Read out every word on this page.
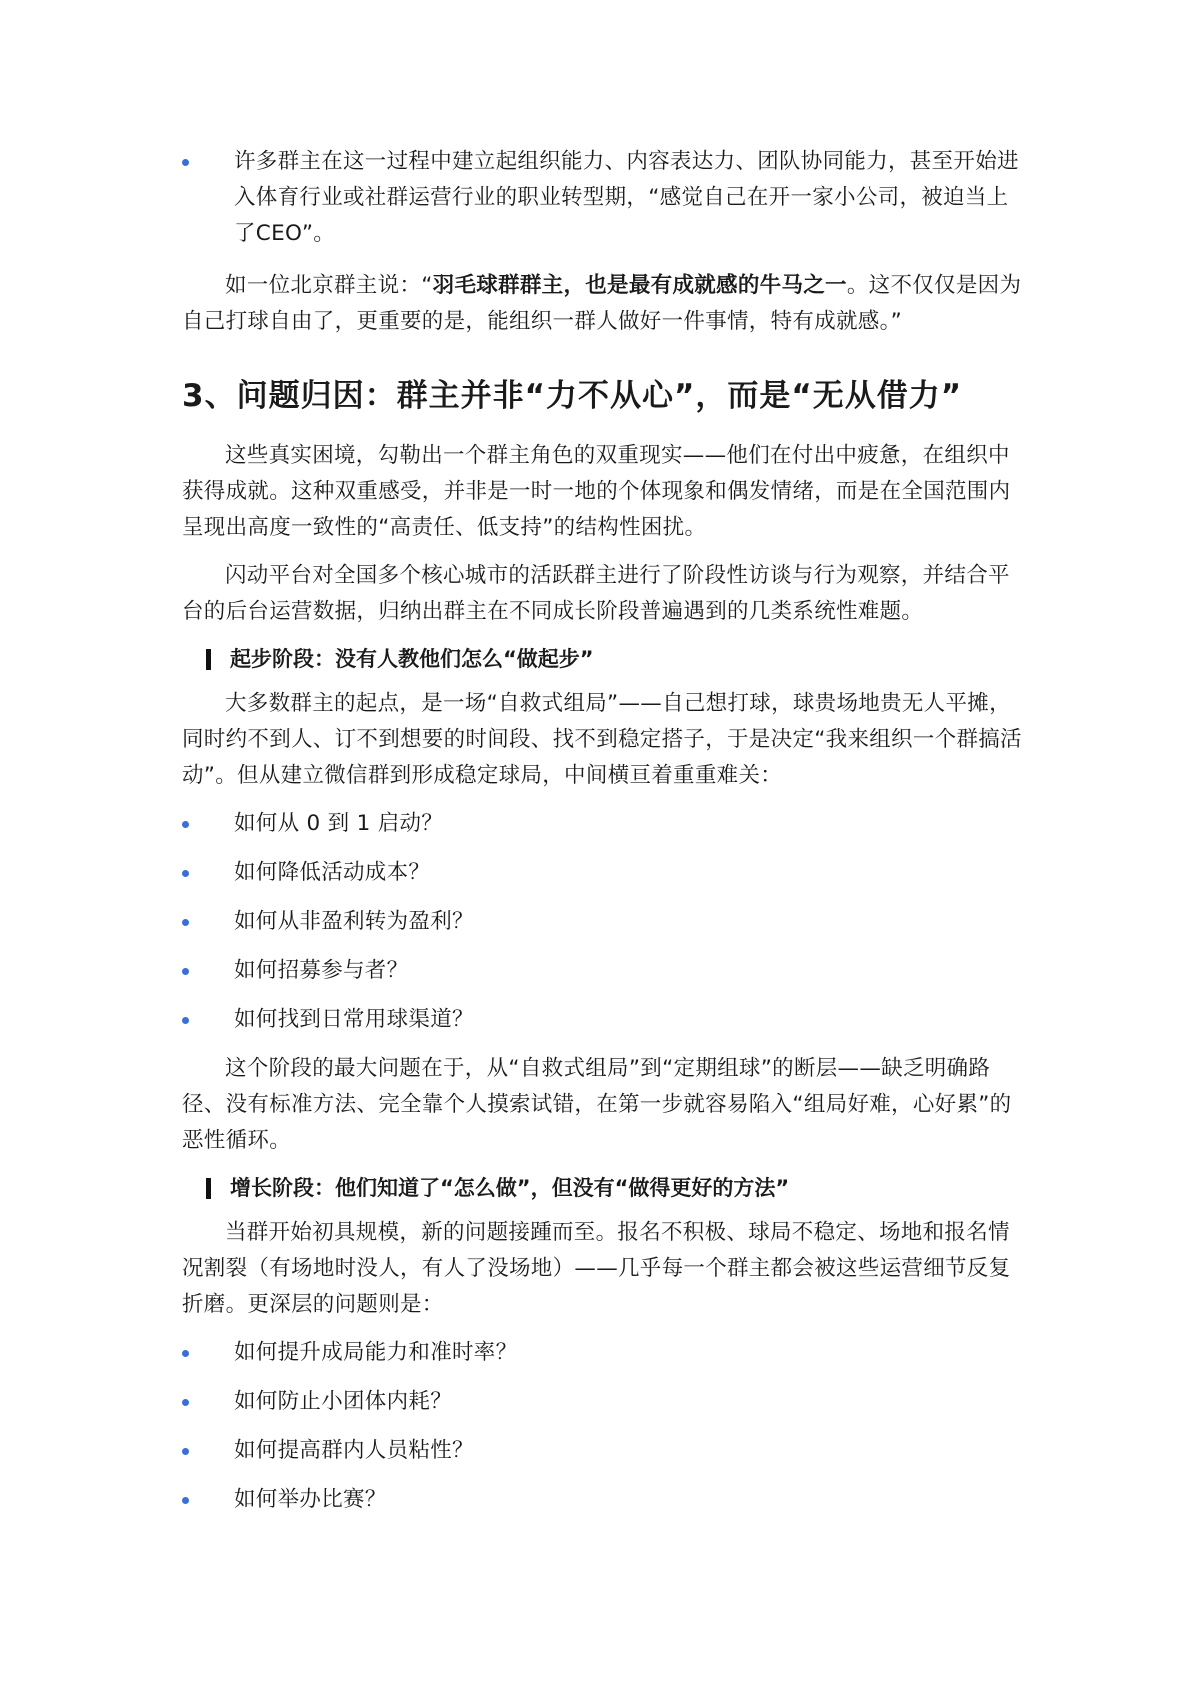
许多群主在这一过程中建立起组织能力、内容表达力、团队协同能力，甚至开始进入体育行业或社群运营行业的职业转型期，“感觉自己在开一家小公司，被迫当上了CEO”。

如一位北京群主说：“羽毛球群群主，也是最有成就感的牛马之一。这不仅仅是因为自己打球自由了，更重要的是，能组织一群人做好一件事情，特有成就感。”

3、问题归因：群主并非“力不从心”，而是“无从借力”

这些真实困境，勾勒出一个群主角色的双重现实——他们在付出中疲惫，在组织中获得成就。这种双重感受，并非是一时一地的个体现象和偶发情绪，而是在全国范围内呈现出高度一致性的“高责任、低支持”的结构性困扰。

闪动平台对全国多个核心城市的活跃群主进行了阶段性访谈与行为观察，并结合平台的后台运营数据，归纳出群主在不同成长阶段普遍遇到的几类系统性难题。

起步阶段：没有人教他们怎么“做起步”

大多数群主的起点，是一场“自救式组局”——自己想打球，球贵场地贵无人平摊，同时约不到人、订不到想要的时间段、找不到稳定搭子，于是决定“我来组织一个群搞活动”。但从建立微信群到形成稳定球局，中间横亘着重重难关：

如何从 0 到 1 启动？
如何降低活动成本？
如何从非盈利转为盈利？
如何招募参与者？
如何找到日常用球渠道？

这个阶段的最大问题在于，从“自救式组局”到“定期组球”的断层——缺乏明确路径、没有标准方法、完全靠个人摸索试错，在第一步就容易陷入“组局好难，心好累”的恶性循环。

增长阶段：他们知道了“怎么做”，但没有“做得更好的方法”

当群开始初具规模，新的问题接踵而至。报名不积极、球局不稳定、场地和报名情况割裂（有场地时没人，有人了没场地）——几乎每一个群主都会被这些运营细节反复折磨。更深层的问题则是：

如何提升成局能力和准时率？
如何防止小团体内耗？
如何提高群内人员粘性？
如何举办比赛？
